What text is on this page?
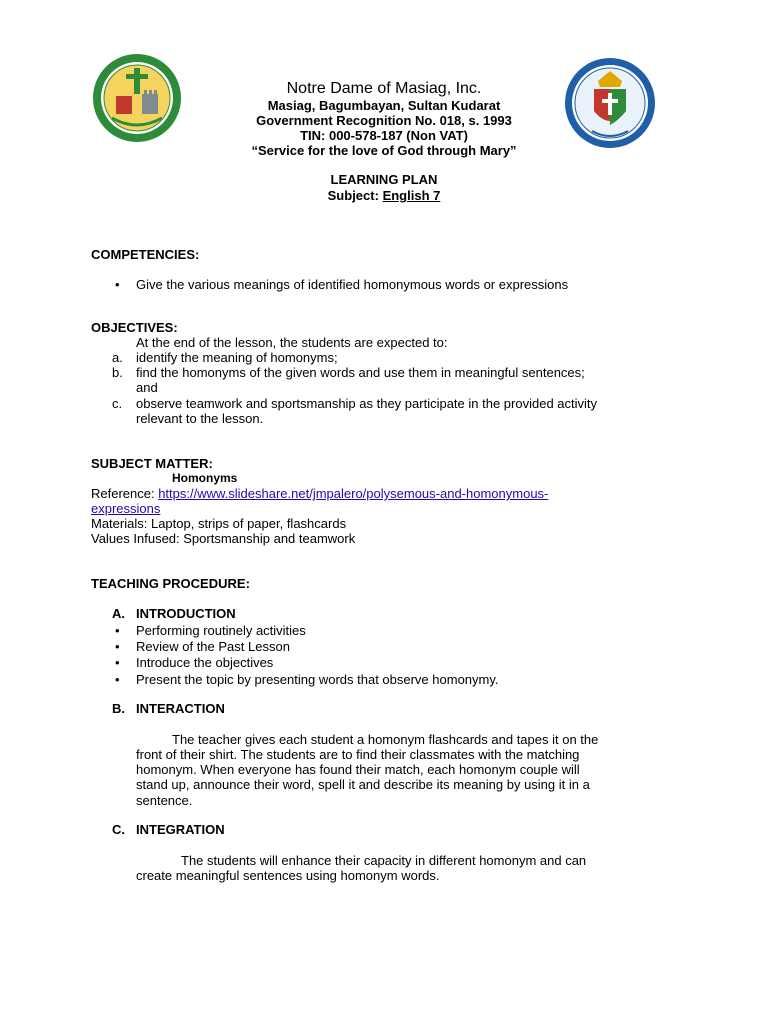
Notre Dame of Masiag, Inc.
Masiag, Bagumbayan, Sultan Kudarat
Government Recognition No. 018, s. 1993
TIN: 000-578-187 (Non VAT)
“Service for the love of God through Mary”
LEARNING PLAN
Subject: English 7
COMPETENCIES:
• Give the various meanings of identified homonymous words or expressions
OBJECTIVES:
At the end of the lesson, the students are expected to:
a. identify the meaning of homonyms;
b. find the homonyms of the given words and use them in meaningful sentences;
and
c. observe teamwork and sportsmanship as they participate in the provided activity
relevant to the lesson.
SUBJECT MATTER:
Homonyms
Reference: https://www.slideshare.net/jmpalero/polysemous-and-homonymous-
expressions
Materials: Laptop, strips of paper, flashcards
Values Infused: Sportsmanship and teamwork
TEACHING PROCEDURE:
A. INTRODUCTION
• Performing routinely activities
• Review of the Past Lesson
• Introduce the objectives
• Present the topic by presenting words that observe homonymy.
B. INTERACTION
The teacher gives each student a homonym flashcards and tapes it on the
front of their shirt. The students are to find their classmates with the matching
homonym. When everyone has found their match, each homonym couple will
stand up, announce their word, spell it and describe its meaning by using it in a
sentence.
C. INTEGRATION
The students will enhance their capacity in different homonym and can
create meaningful sentences using homonym words.
